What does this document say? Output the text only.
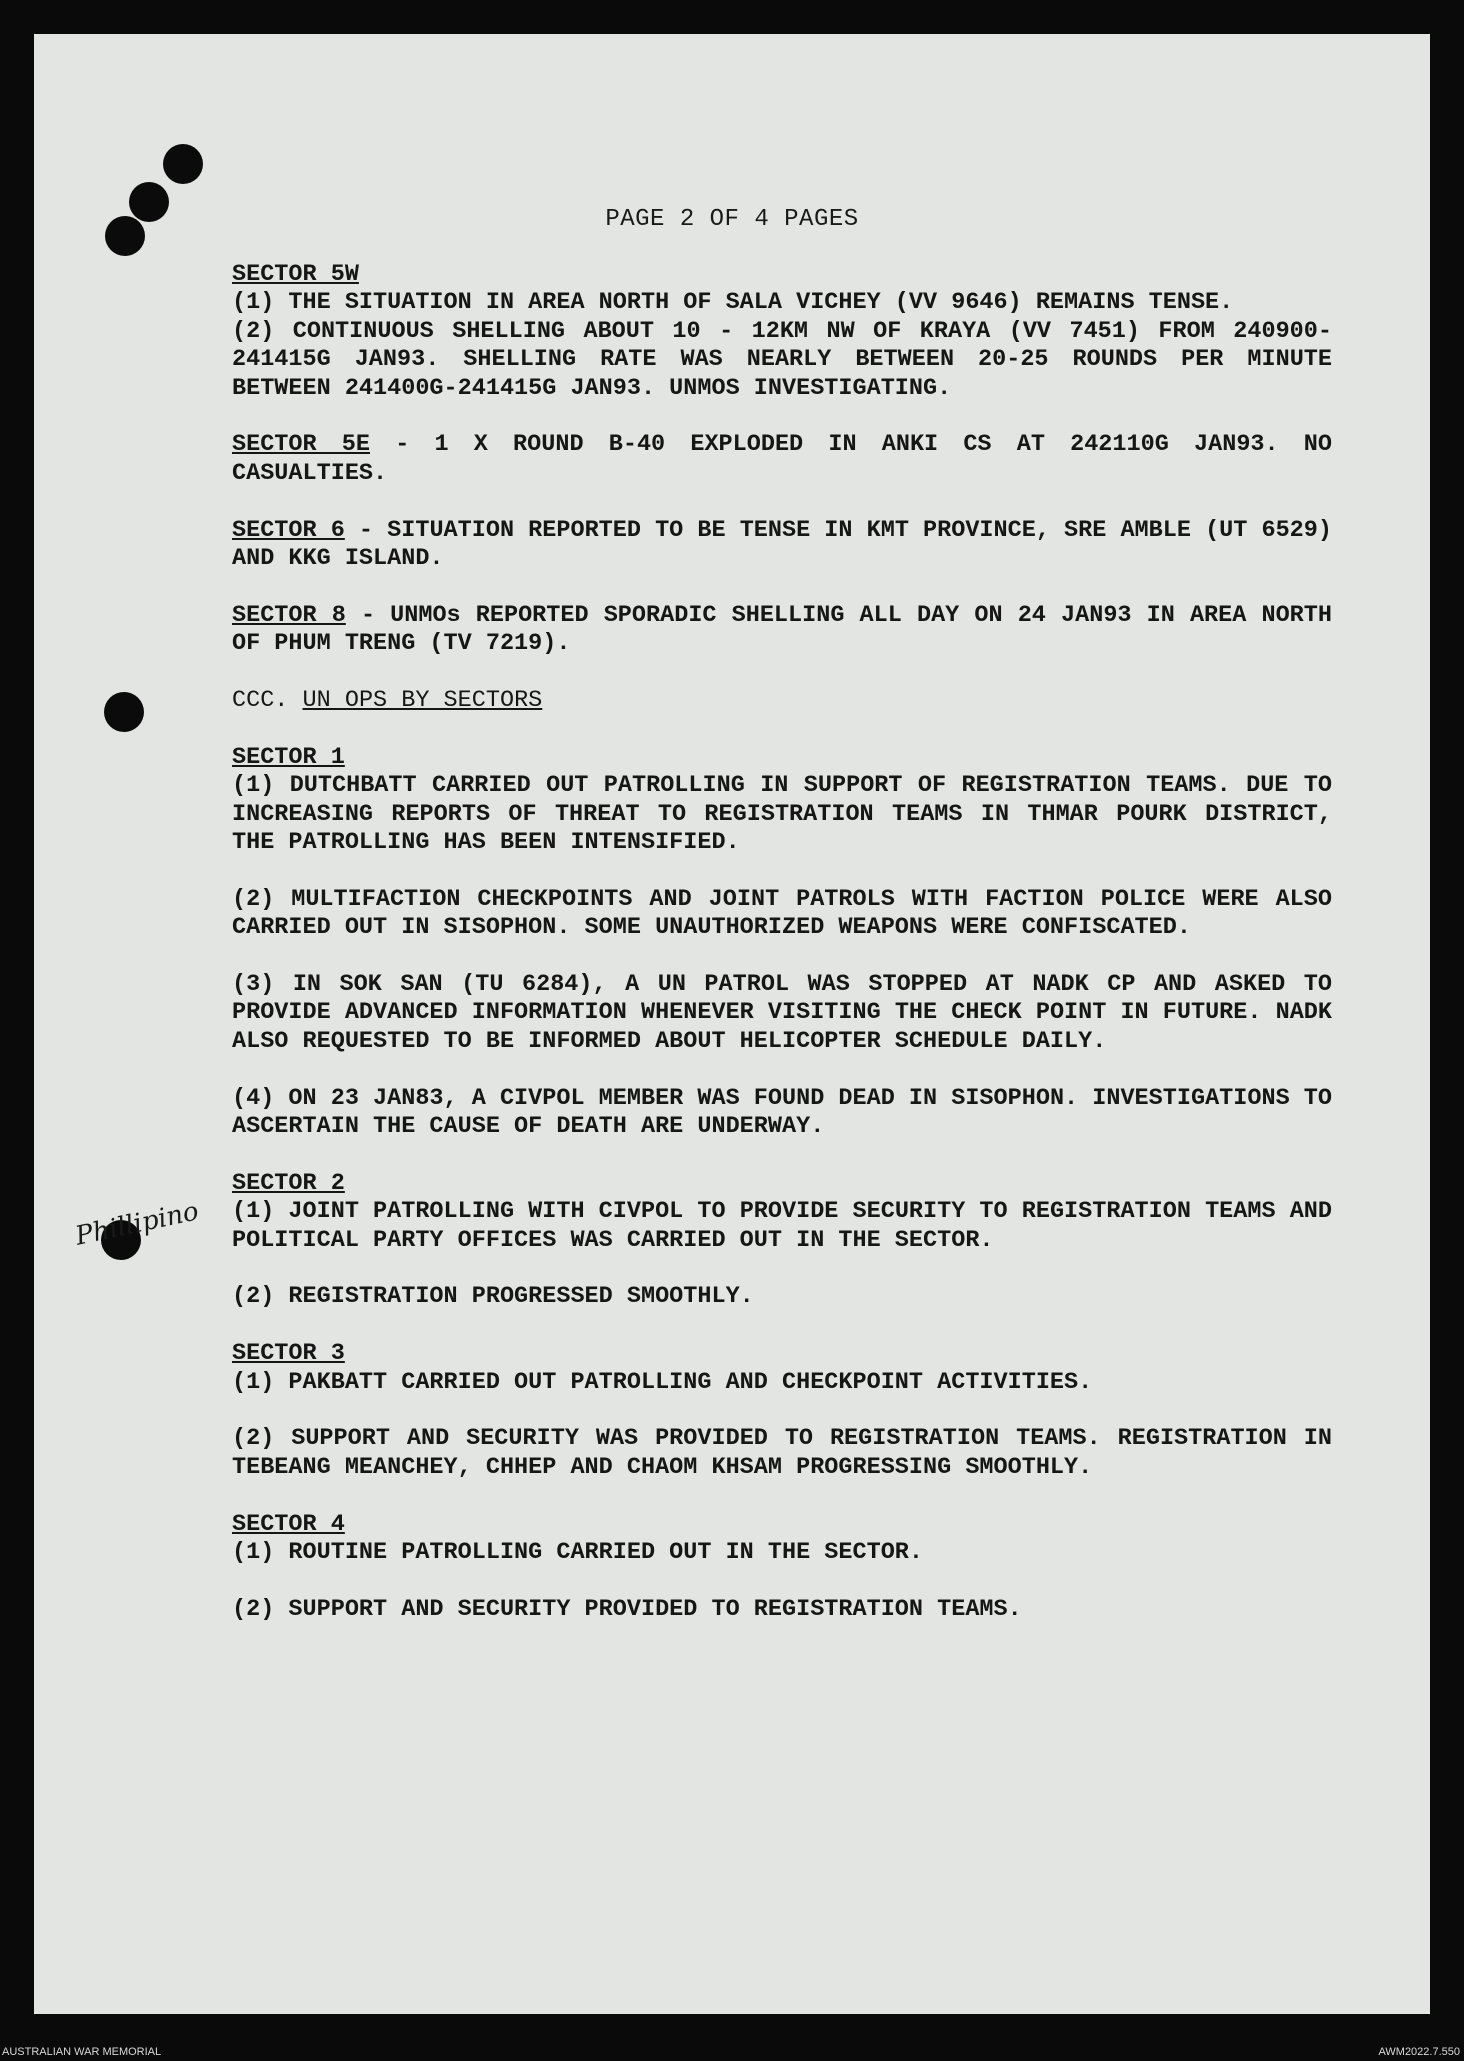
Phillipino
PAGE 2 OF 4 PAGES
SECTOR 5W
(1) THE SITUATION IN AREA NORTH OF SALA VICHEY (VV 9646) REMAINS TENSE.
(2) CONTINUOUS SHELLING ABOUT 10 - 12KM NW OF KRAYA (VV 7451) FROM 240900-241415G JAN93. SHELLING RATE WAS NEARLY BETWEEN 20-25 ROUNDS PER MINUTE BETWEEN 241400G-241415G JAN93. UNMOS INVESTIGATING.
SECTOR 5E - 1 X ROUND B-40 EXPLODED IN ANKI CS AT 242110G JAN93. NO CASUALTIES.
SECTOR 6 - SITUATION REPORTED TO BE TENSE IN KMT PROVINCE, SRE AMBLE (UT 6529) AND KKG ISLAND.
SECTOR 8 - UNMOs REPORTED SPORADIC SHELLING ALL DAY ON 24 JAN93 IN AREA NORTH OF PHUM TRENG (TV 7219).
CCC. UN OPS BY SECTORS
SECTOR 1
(1) DUTCHBATT CARRIED OUT PATROLLING IN SUPPORT OF REGISTRATION TEAMS. DUE TO INCREASING REPORTS OF THREAT TO REGISTRATION TEAMS IN THMAR POURK DISTRICT, THE PATROLLING HAS BEEN INTENSIFIED.
(2) MULTIFACTION CHECKPOINTS AND JOINT PATROLS WITH FACTION POLICE WERE ALSO CARRIED OUT IN SISOPHON. SOME UNAUTHORIZED WEAPONS WERE CONFISCATED.
(3) IN SOK SAN (TU 6284), A UN PATROL WAS STOPPED AT NADK CP AND ASKED TO PROVIDE ADVANCED INFORMATION WHENEVER VISITING THE CHECK POINT IN FUTURE. NADK ALSO REQUESTED TO BE INFORMED ABOUT HELICOPTER SCHEDULE DAILY.
(4) ON 23 JAN83, A CIVPOL MEMBER WAS FOUND DEAD IN SISOPHON. INVESTIGATIONS TO ASCERTAIN THE CAUSE OF DEATH ARE UNDERWAY.
SECTOR 2
(1) JOINT PATROLLING WITH CIVPOL TO PROVIDE SECURITY TO REGISTRATION TEAMS AND POLITICAL PARTY OFFICES WAS CARRIED OUT IN THE SECTOR.
(2) REGISTRATION PROGRESSED SMOOTHLY.
SECTOR 3
(1) PAKBATT CARRIED OUT PATROLLING AND CHECKPOINT ACTIVITIES.
(2) SUPPORT AND SECURITY WAS PROVIDED TO REGISTRATION TEAMS. REGISTRATION IN TEBEANG MEANCHEY, CHHEP AND CHAOM KHSAM PROGRESSING SMOOTHLY.
SECTOR 4
(1) ROUTINE PATROLLING CARRIED OUT IN THE SECTOR.
(2) SUPPORT AND SECURITY PROVIDED TO REGISTRATION TEAMS.
AUSTRALIAN WAR MEMORIAL	AWM2022.7.550
